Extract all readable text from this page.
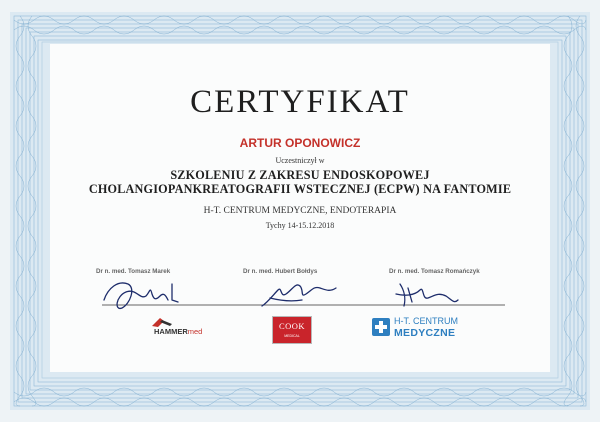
CERTYFIKAT
ARTUR OPONOWICZ
Uczestniczył w
SZKOLENIU Z ZAKRESU ENDOSKOPOWEJ
CHOLANGIOPANKREATOGRAFII WSTECZNEJ (ECPW) NA FANTOMIE
H-T. CENTRUM MEDYCZNE, ENDOTERAPIA
Tychy 14-15.12.2018
Dr n. med. Tomasz Marek	Dr n. med. Hubert Bołdys	Dr n. med. Tomasz Romańczyk
HAMMERmed
COOK
MEDICAL
H-T. CENTRUM
MEDYCZNE
